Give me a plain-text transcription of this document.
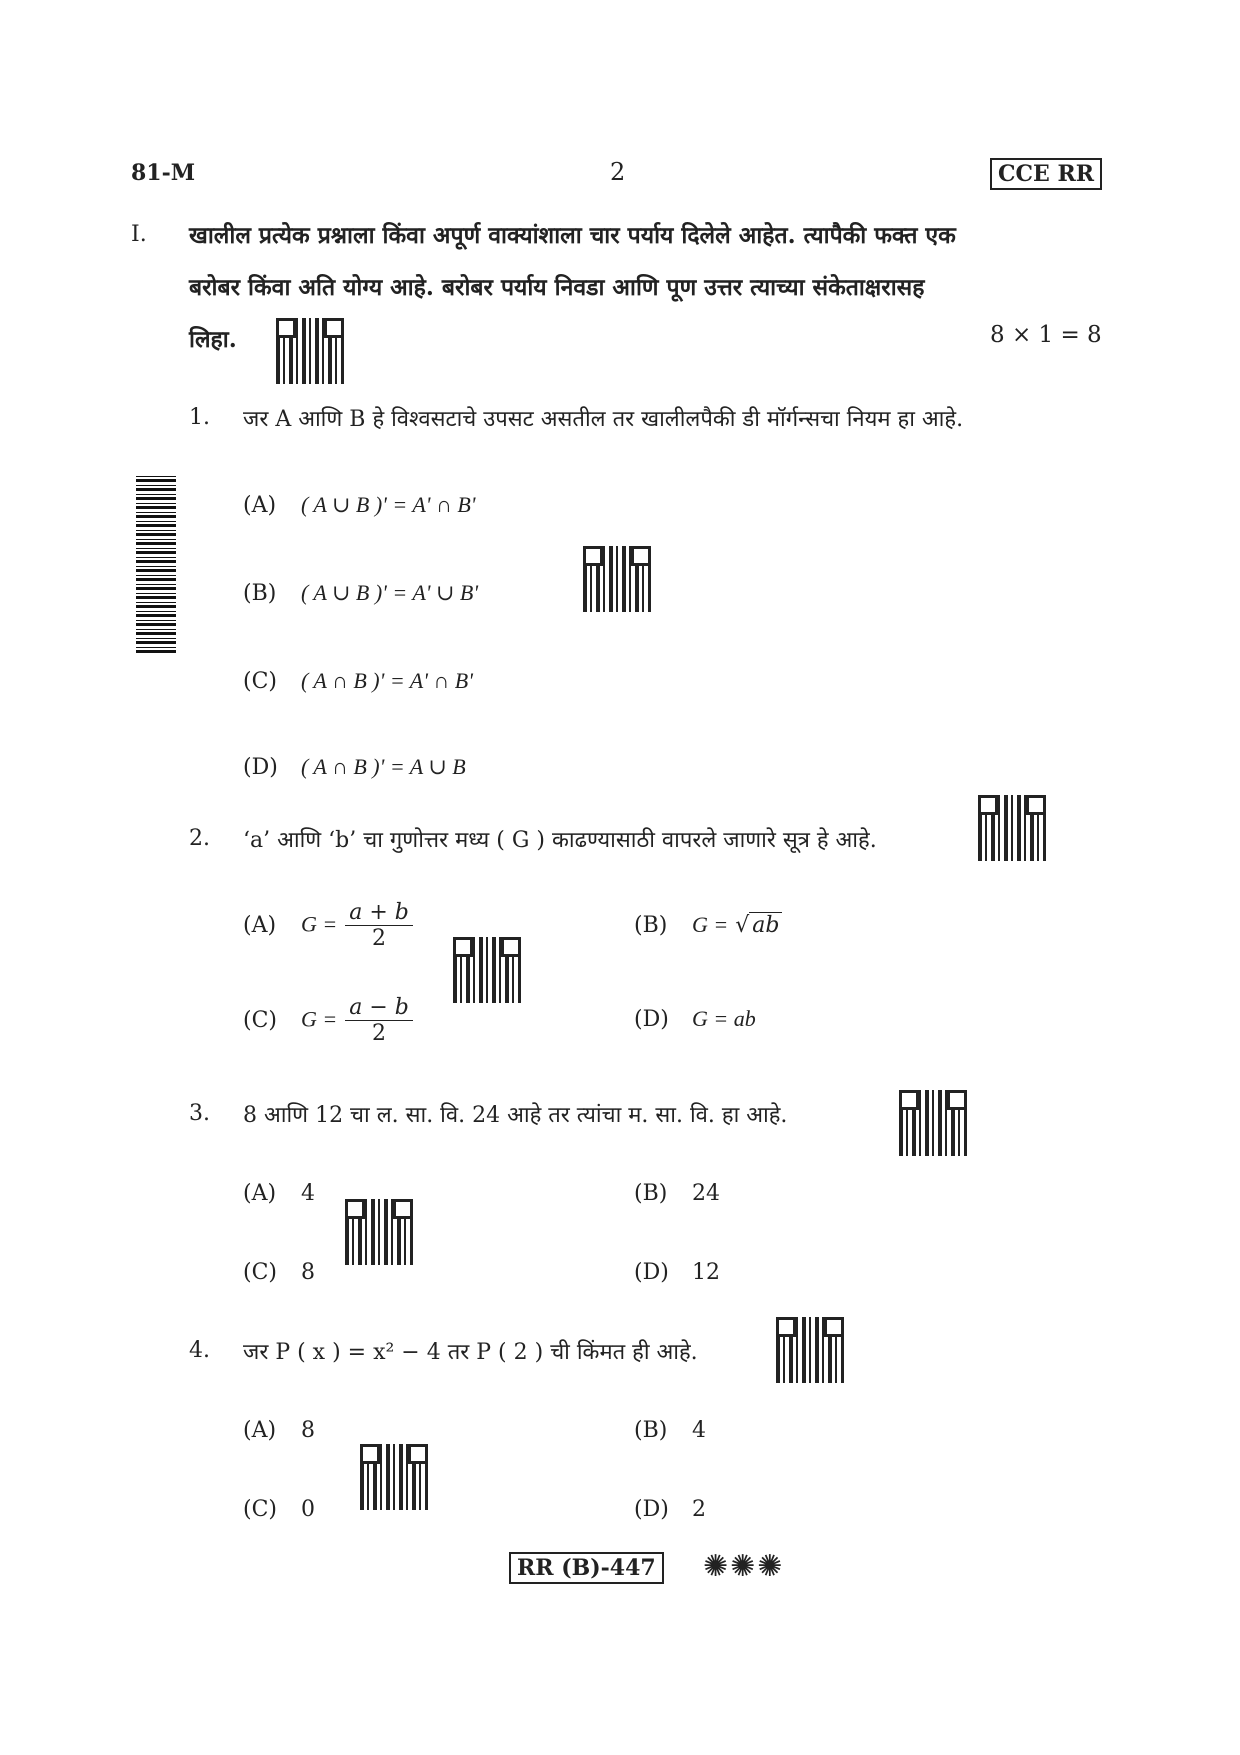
81-M	2	CCE RR
I. खालील प्रत्येक प्रश्नाला किंवा अपूर्ण वाक्यांशाला चार पर्याय दिलेले आहेत. त्यापैकी फक्त एक
बरोबर किंवा अति योग्य आहे. बरोबर पर्याय निवडा आणि पूण उत्तर त्याच्या संकेताक्षरासह
लिहा.	8 × 1 = 8
1. जर A आणि B हे विश्वसटाचे उपसट असतील तर खालीलपैकी डी मॉर्गन्सचा नियम हा आहे.
(A) ( A ∪ B )' = A' ∩ B'
(B) ( A ∪ B )' = A' ∪ B'
(C) ( A ∩ B )' = A' ∩ B'
(D) ( A ∩ B )' = A ∪ B
2. ‘a’ आणि ‘b’ चा गुणोत्तर मध्य ( G ) काढण्यासाठी वापरले जाणारे सूत्र हे आहे.
(A) $G = \frac{a + b}{2}$	(B) G = √ ab
(C) $G = \frac{a - b}{2}$	(D) G = ab
3. 8 आणि 12 चा ल. सा. वि. 24 आहे तर त्यांचा म. सा. वि. हा आहे.
(A) 4	(B) 24
(C) 8	(D) 12
4. जर P ( x ) = x² − 4 तर P ( 2 ) ची किंमत ही आहे.
(A) 8	(B) 4
(C) 0	(D) 2
RR (B)-447 ✺✺✺
